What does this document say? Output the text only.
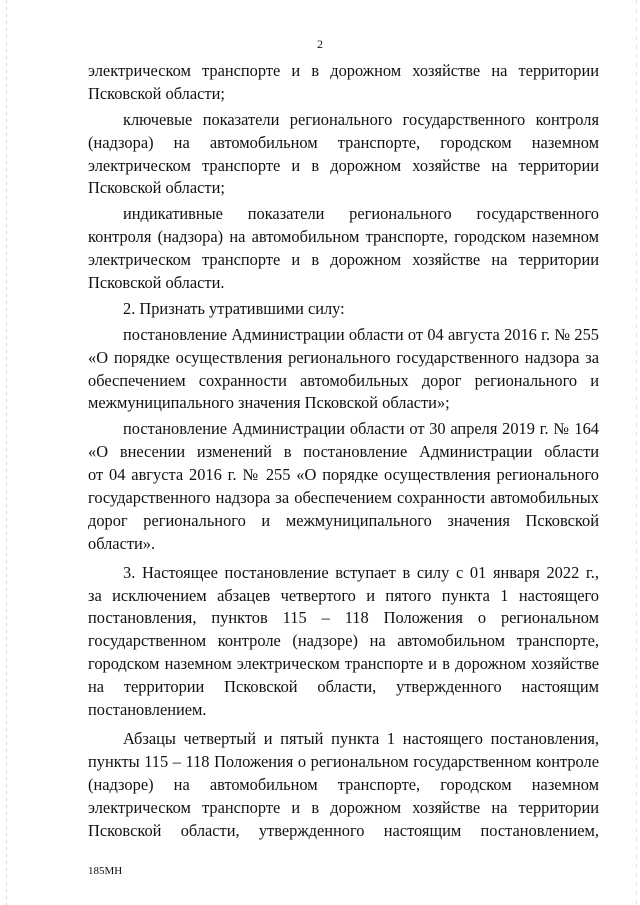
2
электрическом транспорте и в дорожном хозяйстве на территории
Псковской области;
ключевые показатели регионального государственного контроля
(надзора) на автомобильном транспорте, городском наземном
электрическом транспорте и в дорожном хозяйстве на территории
Псковской области;
индикативные показатели регионального государственного
контроля (надзора) на автомобильном транспорте, городском наземном
электрическом транспорте и в дорожном хозяйстве на территории
Псковской области.
2. Признать утратившими силу:
постановление Администрации области от 04 августа 2016 г. № 255
«О порядке осуществления регионального государственного надзора за
обеспечением сохранности автомобильных дорог регионального и
межмуниципального значения Псковской области»;
постановление Администрации области от 30 апреля 2019 г. № 164
«О внесении изменений в постановление Администрации области
от 04 августа 2016 г. № 255 «О порядке осуществления регионального
государственного надзора за обеспечением сохранности автомобильных
дорог регионального и межмуниципального значения Псковской
области».
3. Настоящее постановление вступает в силу с 01 января 2022 г.,
за исключением абзацев четвертого и пятого пункта 1 настоящего
постановления, пунктов 115 – 118 Положения о региональном
государственном контроле (надзоре) на автомобильном транспорте,
городском наземном электрическом транспорте и в дорожном хозяйстве
на территории Псковской области, утвержденного настоящим
постановлением.
Абзацы четвертый и пятый пункта 1 настоящего постановления,
пункты 115 – 118 Положения о региональном государственном контроле
(надзоре) на автомобильном транспорте, городском наземном
электрическом транспорте и в дорожном хозяйстве на территории
Псковской области, утвержденного настоящим постановлением,
185МН
